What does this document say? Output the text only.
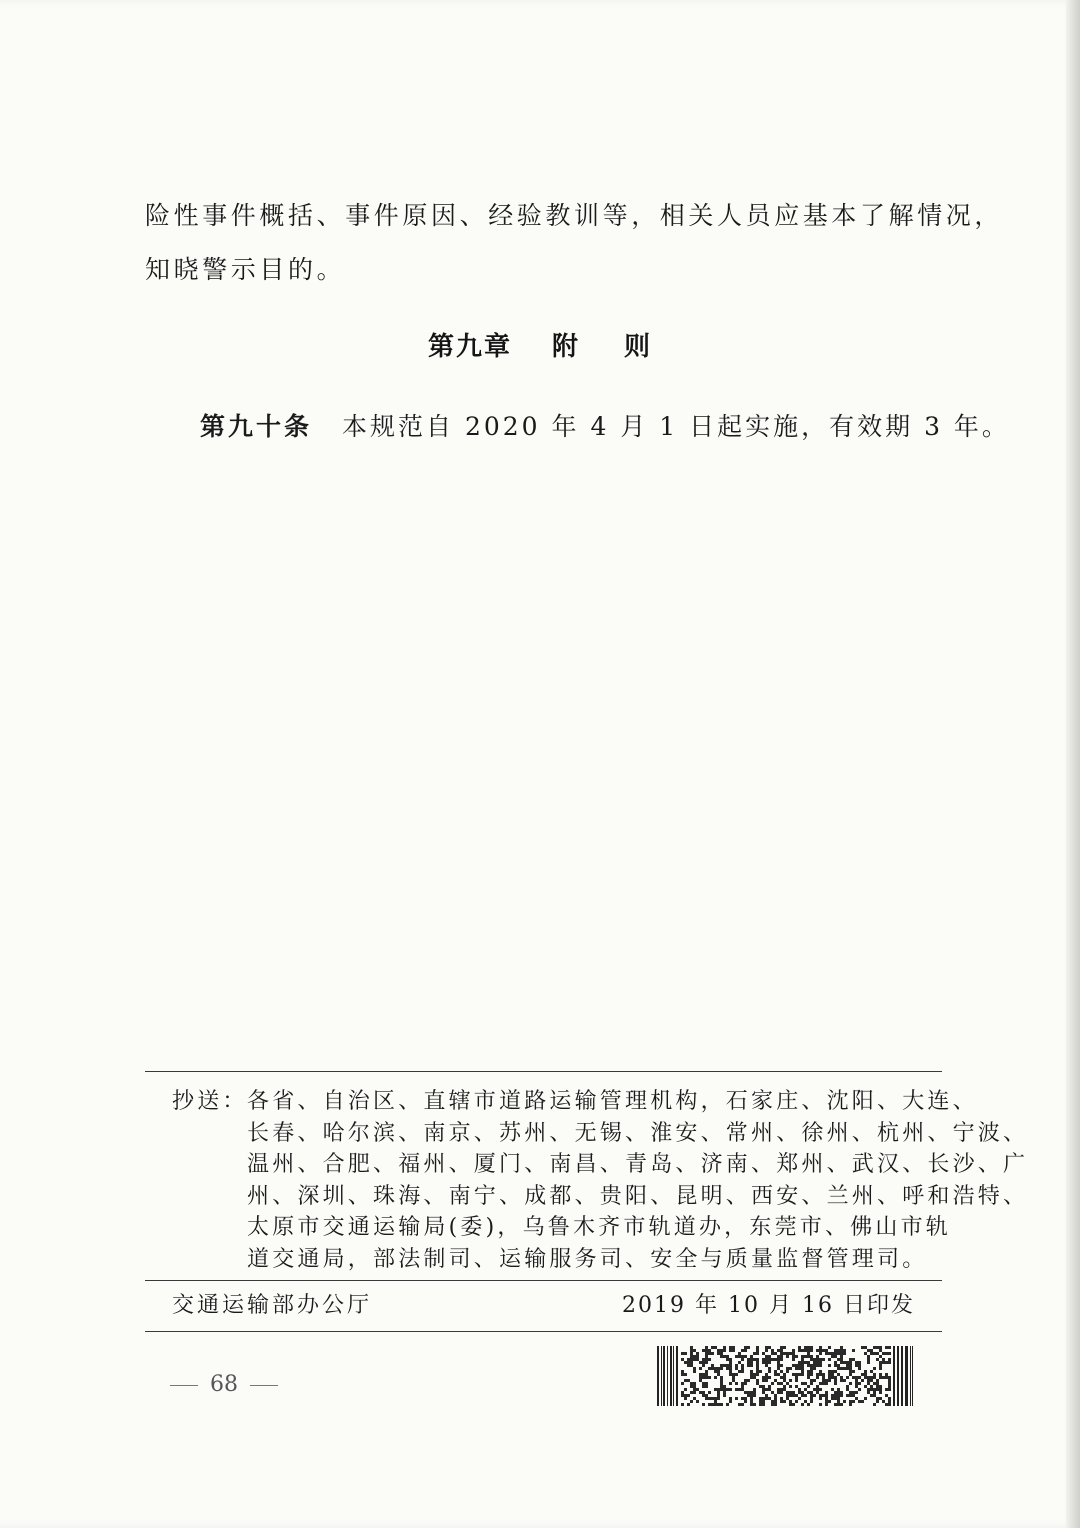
险性事件概括、事件原因、经验教训等，相关人员应基本了解情况，
知晓警示目的。
第九章 附 则
第九十条 本规范自 2020 年 4 月 1 日起实施，有效期 3 年。
抄送： 各省、自治区、直辖市道路运输管理机构，石家庄、沈阳、大连、
长春、哈尔滨、南京、苏州、无锡、淮安、常州、徐州、杭州、宁波、
温州、合肥、福州、厦门、南昌、青岛、济南、郑州、武汉、长沙、广
州、深圳、珠海、南宁、成都、贵阳、昆明、西安、兰州、呼和浩特、
太原市交通运输局(委)，乌鲁木齐市轨道办，东莞市、佛山市轨
道交通局，部法制司、运输服务司、安全与质量监督管理司。
交通运输部办公厅	2019 年 10 月 16 日印发
68
